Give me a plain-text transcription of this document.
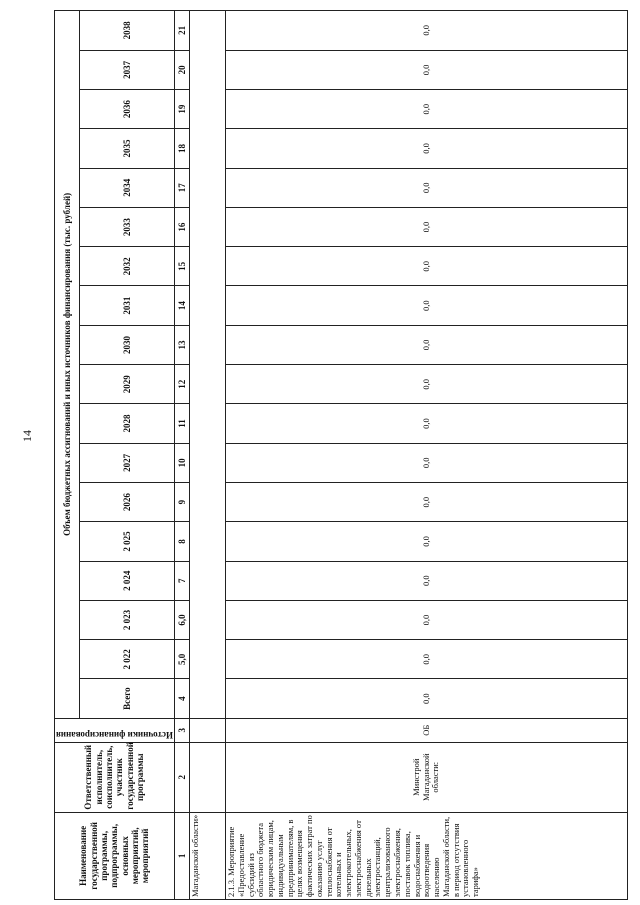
14
Наименование государственной программы, подпрограммы, основных мероприятий, мероприятий	Ответственный исполнитель, соисполнитель, участник государственной программы	Источники финансирования	Объем бюджетных ассигнований и иных источников финансирования (тыс. рублей)																	
			Всего	2 022	2 023	2 024	2 025	2026	2027	2028	2029	2030	2031	2032	2033	2034	2035	2036	2037	2038
1	2	3	4	5,0	6,0	7	8	9	10	11	12	13	14	15	16	17	18	19	20	21
Магаданской области»																				
2.1.3. Мероприятие «Предоставление субсидий из областного бюджета юридическим лицам, индивидуальным предпринимателям, в целях возмещения фактических затрат по оказанию услуг теплоснабжения от котельных и электрокотельных, электроснабжения от дизельных электростанций, централизованного электроснабжения, поставок топлива, водоснабжения и водоотведения населению Магаданской области, в период отсутствия установленного тарифа»	Минстрой Магаданской области:	ОБ	0,0	0,0	0,0	0,0	0,0	0,0	0,0	0,0	0,0	0,0	0,0	0,0	0,0	0,0	0,0	0,0	0,0	0,0
